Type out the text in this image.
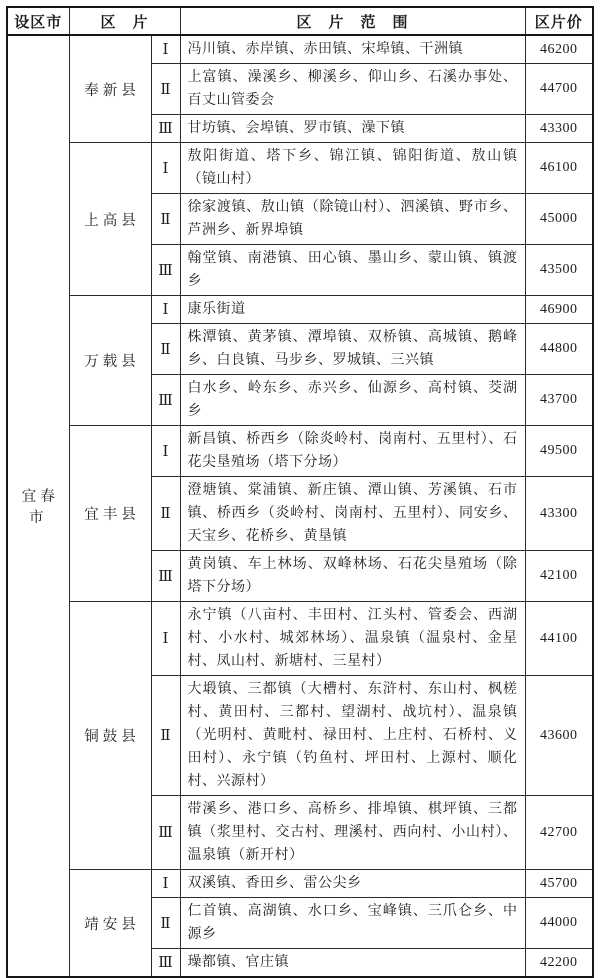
设区市	区　片		区　片　范　围	区片价
宜春市	奉新县	Ⅰ	冯川镇、赤岸镇、赤田镇、宋埠镇、干洲镇	46200
		Ⅱ	上富镇、澡溪乡、柳溪乡、仰山乡、石溪办事处、百丈山管委会	44700
		Ⅲ	甘坊镇、会埠镇、罗市镇、澡下镇	43300
	上高县	Ⅰ	敖阳街道、塔下乡、锦江镇、锦阳街道、敖山镇（镜山村）	46100
		Ⅱ	徐家渡镇、敖山镇（除镜山村）、泗溪镇、野市乡、芦洲乡、新界埠镇	45000
		Ⅲ	翰堂镇、南港镇、田心镇、墨山乡、蒙山镇、镇渡乡	43500
	万载县	Ⅰ	康乐街道	46900
		Ⅱ	株潭镇、黄茅镇、潭埠镇、双桥镇、高城镇、鹅峰乡、白良镇、马步乡、罗城镇、三兴镇	44800
		Ⅲ	白水乡、岭东乡、赤兴乡、仙源乡、高村镇、茭湖乡	43700
	宜丰县	Ⅰ	新昌镇、桥西乡（除炎岭村、岗南村、五里村）、石花尖垦殖场（塔下分场）	49500
		Ⅱ	澄塘镇、棠浦镇、新庄镇、潭山镇、芳溪镇、石市镇、桥西乡（炎岭村、岗南村、五里村）、同安乡、天宝乡、花桥乡、黄垦镇	43300
		Ⅲ	黄岗镇、车上林场、双峰林场、石花尖垦殖场（除塔下分场）	42100
	铜鼓县	Ⅰ	永宁镇（八亩村、丰田村、江头村、管委会、西湖村、小水村、城郊林场）、温泉镇（温泉村、金星村、凤山村、新塘村、三星村）	44100
		Ⅱ	大塅镇、三都镇（大槽村、东浒村、东山村、枫槎村、黄田村、三都村、望湖村、战坑村）、温泉镇（光明村、黄毗村、禄田村、上庄村、石桥村、义田村）、永宁镇（钓鱼村、坪田村、上源村、顺化村、兴源村）	43600
		Ⅲ	带溪乡、港口乡、高桥乡、排埠镇、棋坪镇、三都镇（浆里村、交古村、理溪村、西向村、小山村）、温泉镇（新开村）	42700
	靖安县	Ⅰ	双溪镇、香田乡、雷公尖乡	45700
		Ⅱ	仁首镇、高湖镇、水口乡、宝峰镇、三爪仑乡、中源乡	44000
		Ⅲ	璪都镇、官庄镇	42200
